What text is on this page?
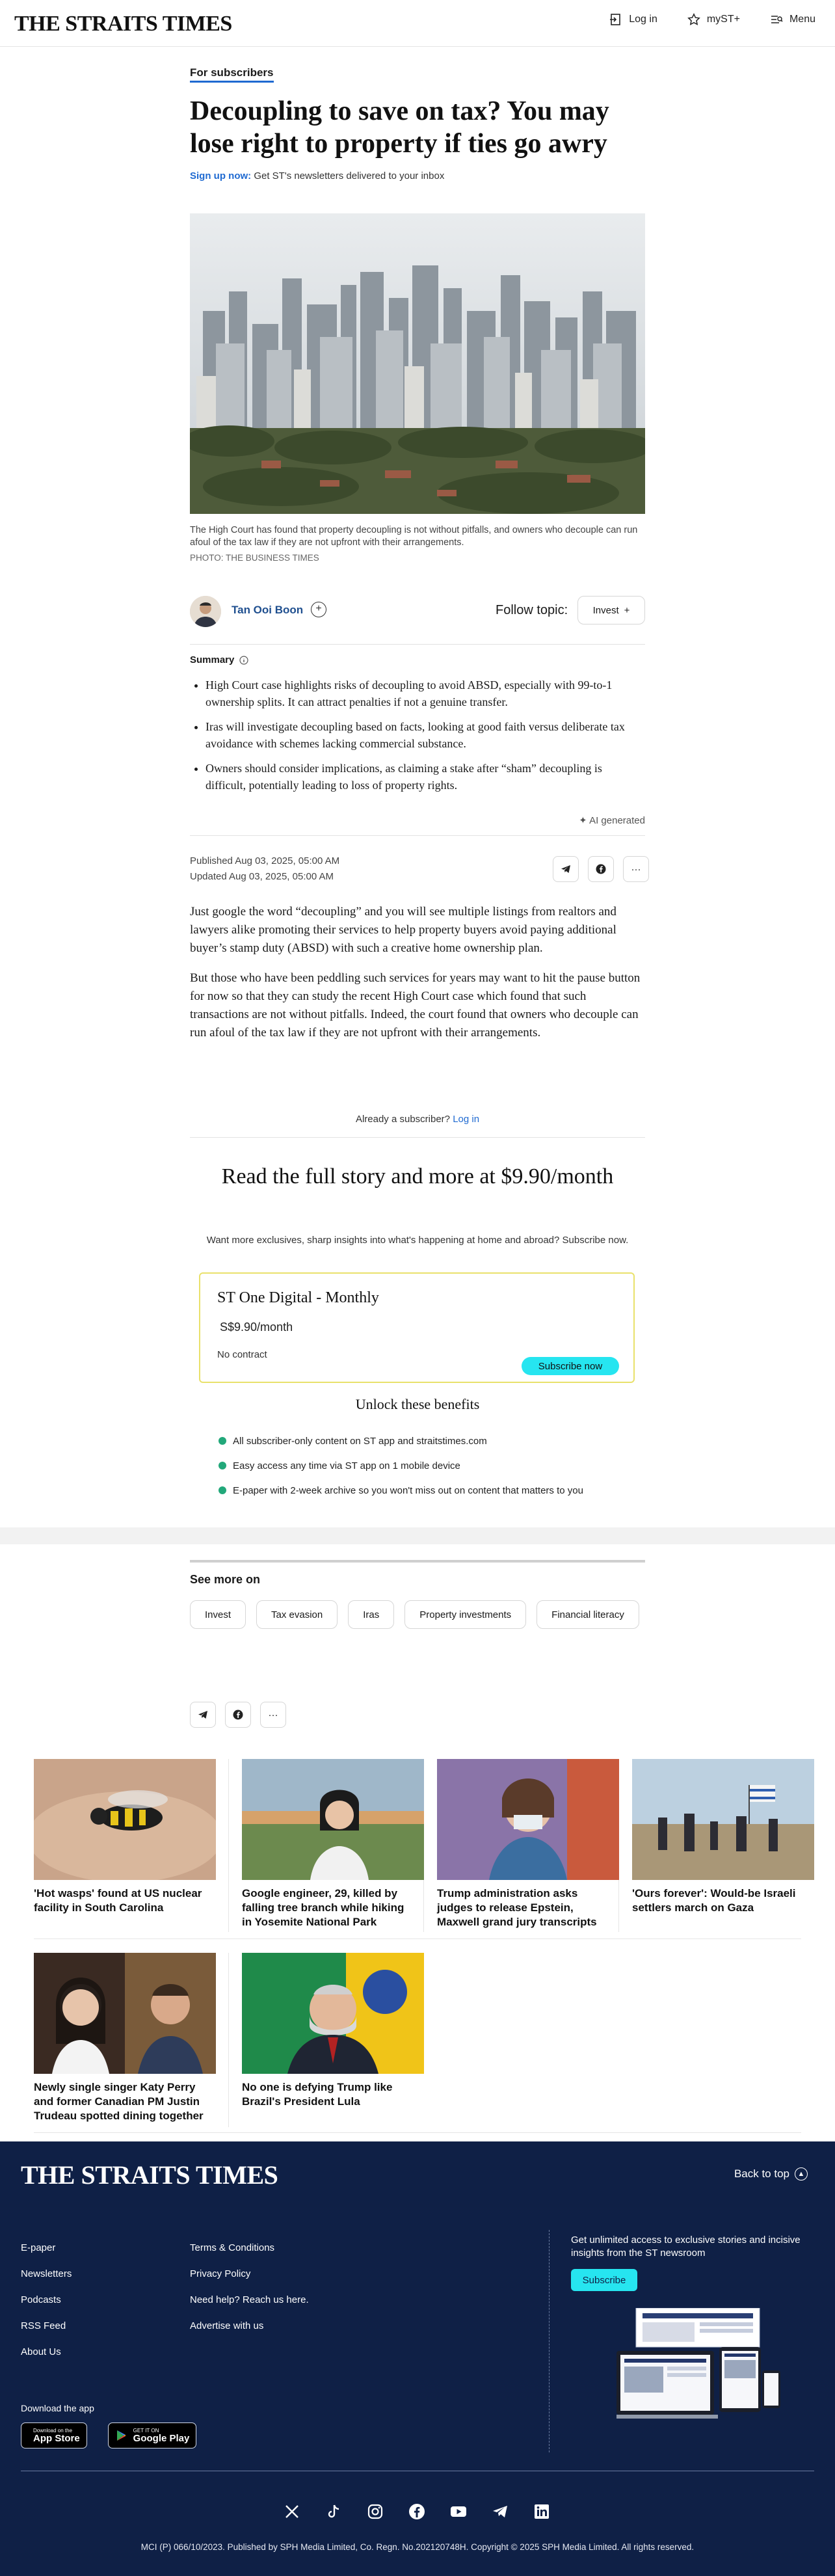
THE STRAITS TIMES	Log in	myST+	Menu
For subscribers
Decoupling to save on tax? You may lose right to property if ties go awry
Sign up now: Get ST's newsletters delivered to your inbox
The High Court has found that property decoupling is not without pitfalls, and owners who decouple can run afoul of the tax law if they are not upfront with their arrangements.
PHOTO: THE BUSINESS TIMES
Tan Ooi Boon	+	Follow topic:	Invest +
Summary
• High Court case highlights risks of decoupling to avoid ABSD, especially with 99-to-1 ownership splits. It can attract penalties if not a genuine transfer.
• Iras will investigate decoupling based on facts, looking at good faith versus deliberate tax avoidance with schemes lacking commercial substance.
• Owners should consider implications, as claiming a stake after “sham” decoupling is difficult, potentially leading to loss of property rights.
✦ AI generated
Published Aug 03, 2025, 05:00 AM
Updated Aug 03, 2025, 05:00 AM
···

Just google the word “decoupling” and you will see multiple listings from realtors and lawyers alike promoting their services to help property buyers avoid paying additional buyer’s stamp duty (ABSD) with such a creative home ownership plan.

But those who have been peddling such services for years may want to hit the pause button for now so that they can study the recent High Court case which found that such transactions are not without pitfalls. Indeed, the court found that owners who decouple can run afoul of the tax law if they are not upfront with their arrangements.

Already a subscriber? Log in
Read the full story and more at $9.90/month
Want more exclusives, sharp insights into what's happening at home and abroad? Subscribe now.
ST One Digital - Monthly
S$9.90/month
No contract
Subscribe now
Unlock these benefits
All subscriber-only content on ST app and straitstimes.com
Easy access any time via ST app on 1 mobile device
E-paper with 2-week archive so you won't miss out on content that matters to you
See more on
Invest	Tax evasion	Iras	Property investments	Financial literacy
···
'Hot wasps' found at US nuclear facility in South Carolina
Google engineer, 29, killed by falling tree branch while hiking in Yosemite National Park
Trump administration asks judges to release Epstein, Maxwell grand jury transcripts
'Ours forever': Would-be Israeli settlers march on Gaza
Newly single singer Katy Perry and former Canadian PM Justin Trudeau spotted dining together
No one is defying Trump like Brazil's President Lula
THE STRAITS TIMES	Back to top	▲
E-paper
Newsletters
Podcasts
RSS Feed
About Us
Terms & Conditions
Privacy Policy
Need help? Reach us here.
Advertise with us
Get unlimited access to exclusive stories and incisive insights from the ST newsroom
Subscribe
Download the app
Download on the
App Store
GET IT ON
Google Play
MCI (P) 066/10/2023. Published by SPH Media Limited, Co. Regn. No.202120748H. Copyright © 2025 SPH Media Limited. All rights reserved.
